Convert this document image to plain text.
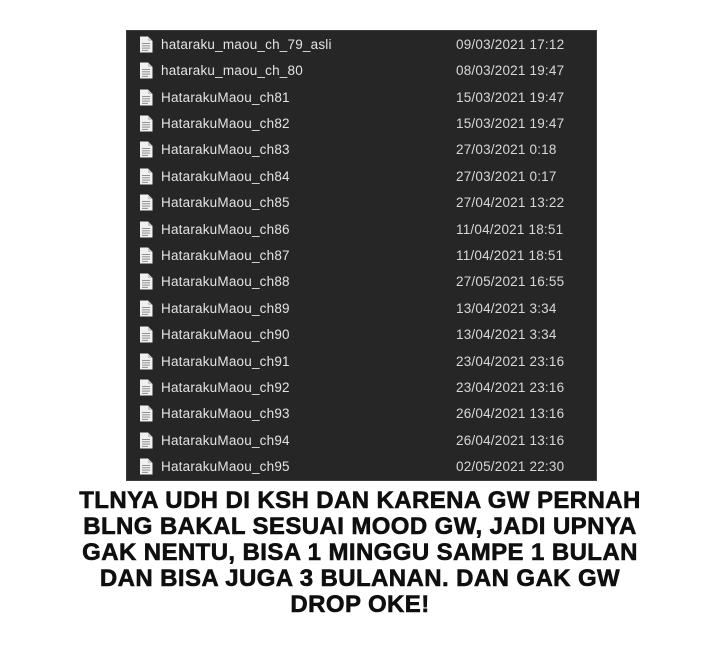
hataraku_maou_ch_79_asli	09/03/2021 17:12
hataraku_maou_ch_80	08/03/2021 19:47
HatarakuMaou_ch81	15/03/2021 19:47
HatarakuMaou_ch82	15/03/2021 19:47
HatarakuMaou_ch83	27/03/2021 0:18
HatarakuMaou_ch84	27/03/2021 0:17
HatarakuMaou_ch85	27/04/2021 13:22
HatarakuMaou_ch86	11/04/2021 18:51
HatarakuMaou_ch87	11/04/2021 18:51
HatarakuMaou_ch88	27/05/2021 16:55
HatarakuMaou_ch89	13/04/2021 3:34
HatarakuMaou_ch90	13/04/2021 3:34
HatarakuMaou_ch91	23/04/2021 23:16
HatarakuMaou_ch92	23/04/2021 23:16
HatarakuMaou_ch93	26/04/2021 13:16
HatarakuMaou_ch94	26/04/2021 13:16
HatarakuMaou_ch95	02/05/2021 22:30
TLNYA UDH DI KSH DAN KARENA GW PERNAH
BLNG BAKAL SESUAI MOOD GW, JADI UPNYA
GAK NENTU, BISA 1 MINGGU SAMPE 1 BULAN
DAN BISA JUGA 3 BULANAN. DAN GAK GW
DROP OKE!
